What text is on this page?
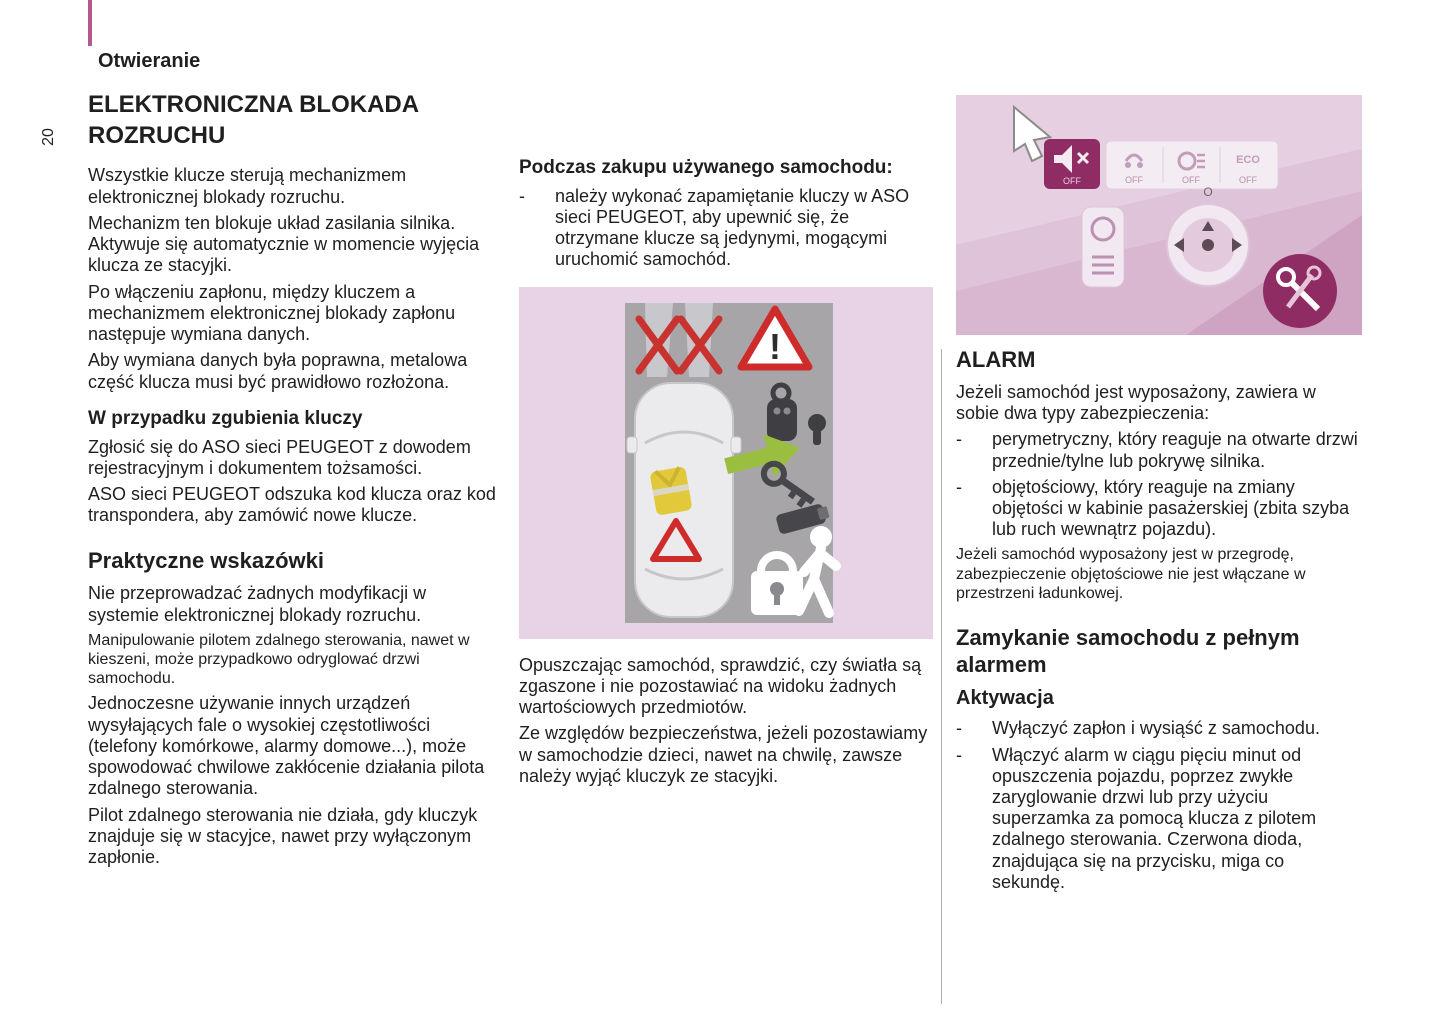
Otwieranie
20
ELEKTRONICZNA BLOKADA ROZRUCHU

Wszystkie klucze sterują mechanizmem elektronicznej blokady rozruchu.

Mechanizm ten blokuje układ zasilania silnika. Aktywuje się automatycznie w momencie wyjęcia klucza ze stacyjki.

Po włączeniu zapłonu, między kluczem a mechanizmem elektronicznej blokady zapłonu następuje wymiana danych.

Aby wymiana danych była poprawna, metalowa część klucza musi być prawidłowo rozłożona.

W przypadku zgubienia kluczy

Zgłosić się do ASO sieci PEUGEOT z dowodem rejestracyjnym i dokumentem tożsamości.

ASO sieci PEUGEOT odszuka kod klucza oraz kod transpondera, aby zamówić nowe klucze.

Praktyczne wskazówki

Nie przeprowadzać żadnych modyfikacji w systemie elektronicznej blokady rozruchu.

Manipulowanie pilotem zdalnego sterowania, nawet w kieszeni, może przypadkowo odryglować drzwi samochodu.

Jednoczesne używanie innych urządzeń wysyłających fale o wysokiej częstotliwości (telefony komórkowe, alarmy domowe...), może spowodować chwilowe zakłócenie działania pilota zdalnego sterowania.

Pilot zdalnego sterowania nie działa, gdy kluczyk znajduje się w stacyjce, nawet przy wyłączonym zapłonie.

Podczas zakupu używanego samochodu:
-	należy wykonać zapamiętanie kluczy w ASO sieci PEUGEOT, aby upewnić się, że otrzymane klucze są jedynymi, mogącymi uruchomić samochód.
!

Opuszczając samochód, sprawdzić, czy światła są zgaszone i nie pozostawiać na widoku żadnych wartościowych przedmiotów.

Ze względów bezpieczeństwa, jeżeli pozostawiamy w samochodzie dzieci, nawet na chwilę, zawsze należy wyjąć kluczyk ze stacyjki.

OFF	OFF
ECO
OFF
OFF
O
ALARM

Jeżeli samochód jest wyposażony, zawiera w sobie dwa typy zabezpieczenia:

-	perymetryczny, który reaguje na otwarte drzwi przednie/tylne lub pokrywę silnika.
-	objętościowy, który reaguje na zmiany objętości w kabinie pasażerskiej (zbita szyba lub ruch wewnątrz pojazdu).

Jeżeli samochód wyposażony jest w przegrodę, zabezpieczenie objętościowe nie jest włączane w przestrzeni ładunkowej.

Zamykanie samochodu z pełnym alarmem
Aktywacja
-	Wyłączyć zapłon i wysiąść z samochodu.
-	Włączyć alarm w ciągu pięciu minut od opuszczenia pojazdu, poprzez zwykłe zaryglowanie drzwi lub przy użyciu superzamka za pomocą klucza z pilotem zdalnego sterowania. Czerwona dioda, znajdująca się na przycisku, miga co sekundę.
